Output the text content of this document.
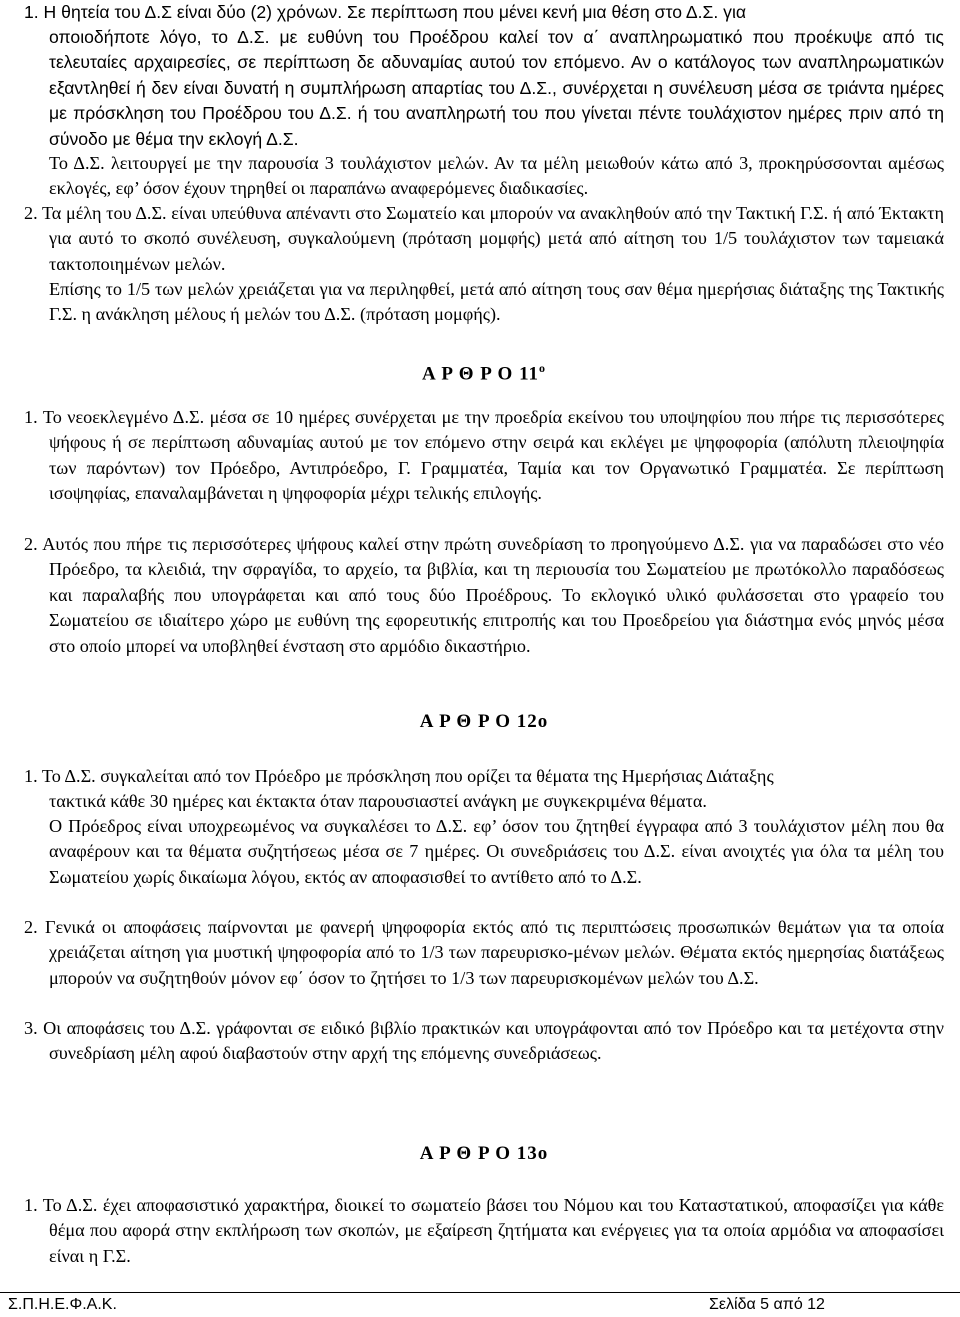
1. Η θητεία του Δ.Σ είναι δύο (2) χρόνων. Σε περίπτωση που μένει κενή μια θέση στο Δ.Σ. για

οποιοδήποτε λόγο, το Δ.Σ. με ευθύνη του Προέδρου καλεί τον α΄ αναπληρωματικό που προέκυψε από τις τελευταίες αρχαιρεσίες, σε περίπτωση δε αδυναμίας αυτού τον επόμενο. Αν ο κατάλογος των αναπληρωματικών εξαντληθεί ή δεν είναι δυνατή η συμπλήρωση απαρτίας του Δ.Σ., συνέρχεται η συνέλευση μέσα σε τριάντα ημέρες με πρόσκληση του Προέδρου του Δ.Σ. ή του αναπληρωτή του που γίνεται πέντε τουλάχιστον ημέρες πριν από τη σύνοδο με θέμα την εκλογή Δ.Σ.

Το Δ.Σ. λειτουργεί με την παρουσία 3 τουλάχιστον μελών. Αν τα μέλη μειωθούν κάτω από 3, προκηρύσσονται αμέσως εκλογές, εφ’ όσον έχουν τηρηθεί οι παραπάνω αναφερόμενες διαδικασίες.

2. Τα μέλη του Δ.Σ. είναι υπεύθυνα απέναντι στο Σωματείο και μπορούν να ανακληθούν από την Τακτική Γ.Σ. ή από Έκτακτη για αυτό το σκοπό συνέλευση, συγκαλούμενη (πρόταση μομφής) μετά από αίτηση του 1/5 τουλάχιστον των ταμειακά τακτοποιημένων μελών.

Επίσης το 1/5 των μελών χρειάζεται για να περιληφθεί, μετά από αίτηση τους σαν θέμα ημερήσιας διάταξης της Τακτικής Γ.Σ. η ανάκληση μέλους ή μελών του Δ.Σ. (πρόταση μομφής).

Α Ρ Θ Ρ Ο $11^o$

1. Το νεοεκλεγμένο Δ.Σ. μέσα σε 10 ημέρες συνέρχεται με την προεδρία εκείνου του υποψηφίου που πήρε τις περισσότερες ψήφους ή σε περίπτωση αδυναμίας αυτού με τον επόμενο στην σειρά και εκλέγει με ψηφοφορία (απόλυτη πλειοψηφία των παρόντων) τον Πρόεδρο, Αντιπρόεδρο, Γ. Γραμματέα, Ταμία και τον Οργανωτικό Γραμματέα. Σε περίπτωση ισοψηφίας, επαναλαμβάνεται η ψηφοφορία μέχρι τελικής επιλογής.

2. Αυτός που πήρε τις περισσότερες ψήφους καλεί στην πρώτη συνεδρίαση το προηγούμενο Δ.Σ. για να παραδώσει στο νέο Πρόεδρο, τα κλειδιά, την σφραγίδα, το αρχείο, τα βιβλία, και τη περιουσία του Σωματείου με πρωτόκολλο παραδόσεως και παραλαβής που υπογράφεται και από τους δύο Προέδρους. Το εκλογικό υλικό φυλάσσεται στο γραφείο του Σωματείου σε ιδιαίτερο χώρο με ευθύνη της εφορευτικής επιτροπής και του Προεδρείου για διάστημα ενός μηνός μέσα στο οποίο μπορεί να υποβληθεί ένσταση στο αρμόδιο δικαστήριο.

Α Ρ Θ Ρ Ο 12ο

1. Το Δ.Σ. συγκαλείται από τον Πρόεδρο με πρόσκληση που ορίζει τα θέματα της Ημερήσιας Διάταξης

τακτικά κάθε 30 ημέρες και έκτακτα όταν παρουσιαστεί ανάγκη με συγκεκριμένα θέματα.

Ο Πρόεδρος είναι υποχρεωμένος να συγκαλέσει το Δ.Σ. εφ’ όσον του ζητηθεί έγγραφα από 3 τουλάχιστον μέλη που θα αναφέρουν και τα θέματα συζητήσεως μέσα σε 7 ημέρες. Οι συνεδριάσεις του Δ.Σ. είναι ανοιχτές για όλα τα μέλη του Σωματείου χωρίς δικαίωμα λόγου, εκτός αν αποφασισθεί το αντίθετο από το Δ.Σ.

2. Γενικά οι αποφάσεις παίρνονται με φανερή ψηφοφορία εκτός από τις περιπτώσεις προσωπικών θεμάτων για τα οποία χρειάζεται αίτηση για μυστική ψηφοφορία από το 1/3 των παρευρισκο-μένων μελών. Θέματα εκτός ημερησίας διατάξεως μπορούν να συζητηθούν μόνον εφ΄ όσον το ζητήσει το 1/3 των παρευρισκομένων μελών του Δ.Σ.

3. Οι αποφάσεις του Δ.Σ. γράφονται σε ειδικό βιβλίο πρακτικών και υπογράφονται από τον Πρόεδρο και τα μετέχοντα στην συνεδρίαση μέλη αφού διαβαστούν στην αρχή της επόμενης συνεδριάσεως.

Α Ρ Θ Ρ Ο 13ο

1. Το Δ.Σ. έχει αποφασιστικό χαρακτήρα, διοικεί το σωματείο βάσει του Νόμου και του Καταστατικού, αποφασίζει για κάθε θέμα που αφορά στην εκπλήρωση των σκοπών, με εξαίρεση ζητήματα και ενέργειες για τα οποία αρμόδια να αποφασίσει είναι η Γ.Σ.

Σ.Π.Η.Ε.Φ.Α.Κ.	Σελίδα 5 από 12
